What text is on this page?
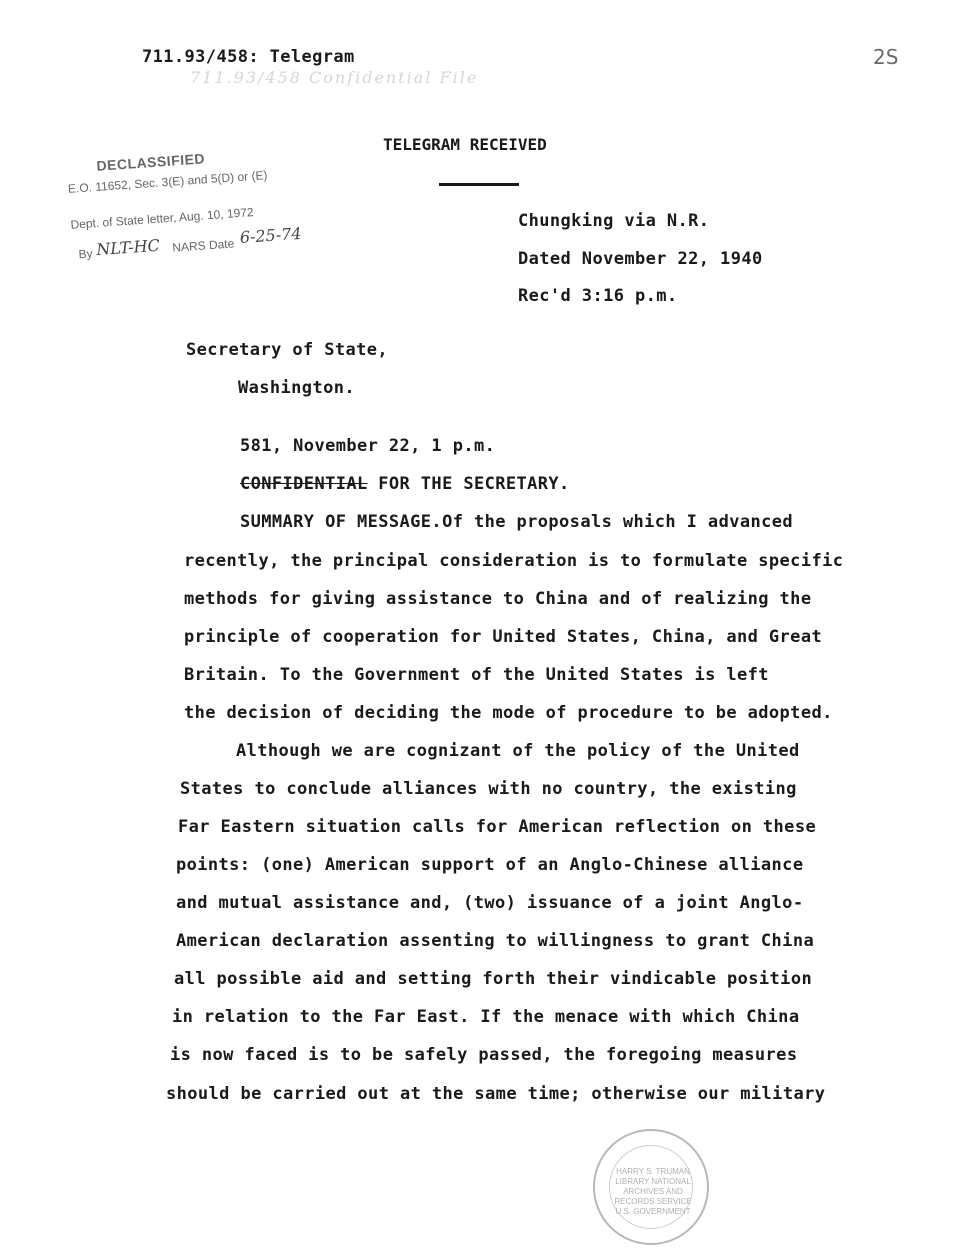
711.93/458: Telegram	2S
711.93/458 Confidential File
TELEGRAM RECEIVED
DECLASSIFIED
E.O. 11652, Sec. 3(E) and 5(D) or (E)
Dept. of State letter, Aug. 10, 1972
By NLT-HC NARS Date 6-25-74
Chungking via N.R.
Dated November 22, 1940
Rec'd 3:16 p.m.
Secretary of State,
Washington.
581, November 22, 1 p.m.
CONFIDENTIAL FOR THE SECRETARY.
SUMMARY OF MESSAGE.Of the proposals which I advanced
recently, the principal consideration is to formulate specific
methods for giving assistance to China and of realizing the
principle of cooperation for United States, China, and Great
Britain. To the Government of the United States is left
the decision of deciding the mode of procedure to be adopted.
Although we are cognizant of the policy of the United
States to conclude alliances with no country, the existing
Far Eastern situation calls for American reflection on these
points: (one) American support of an Anglo-Chinese alliance
and mutual assistance and, (two) issuance of a joint Anglo-
American declaration assenting to willingness to grant China
all possible aid and setting forth their vindicable position
in relation to the Far East. If the menace with which China
is now faced is to be safely passed, the foregoing measures
should be carried out at the same time; otherwise our military
HARRY S. TRUMAN
LIBRARY NATIONAL
ARCHIVES AND
RECORDS SERVICE
U.S. GOVERNMENT
